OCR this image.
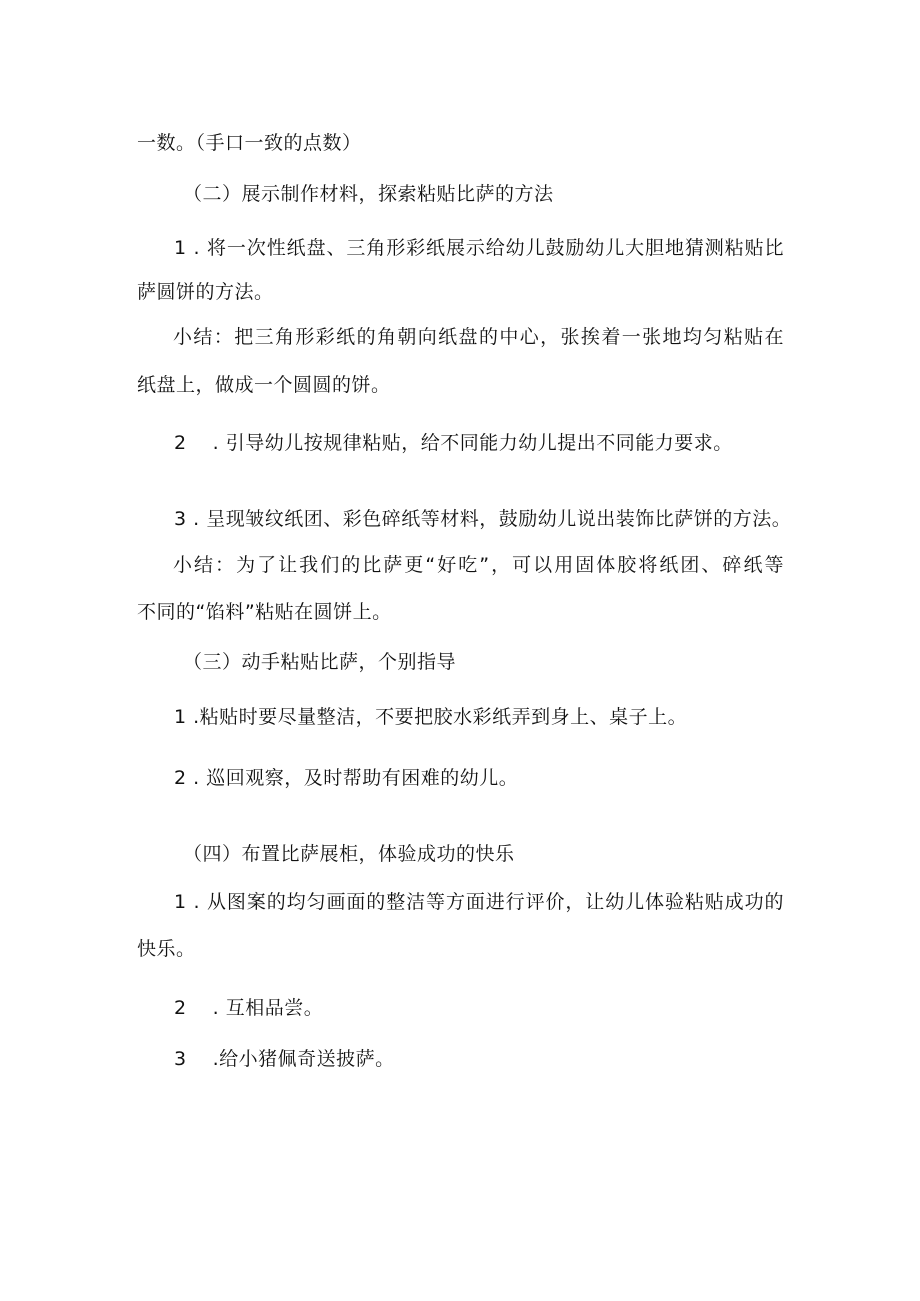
一数。（手口一致的点数）
（二）展示制作材料，探索粘贴比萨的方法
1 . 将一次性纸盘、三角形彩纸展示给幼儿鼓励幼儿大胆地猜测粘贴比
萨圆饼的方法。
小结：把三角形彩纸的角朝向纸盘的中心，张挨着一张地均匀粘贴在
纸盘上，做成一个圆圆的饼。
2　 . 引导幼儿按规律粘贴，给不同能力幼儿提出不同能力要求。
3 . 呈现皱纹纸团、彩色碎纸等材料，鼓励幼儿说出装饰比萨饼的方法。
小结：为了让我们的比萨更“好吃”，可以用固体胶将纸团、碎纸等
不同的“馅料”粘贴在圆饼上。
（三）动手粘贴比萨，个别指导
1 .粘贴时要尽量整洁，不要把胶水彩纸弄到身上、桌子上。
2 . 巡回观察，及时帮助有困难的幼儿。
（四）布置比萨展柜，体验成功的快乐
1 . 从图案的均匀画面的整洁等方面进行评价，让幼儿体验粘贴成功的
快乐。
2　 . 互相品尝。
3　 .给小猪佩奇送披萨。
